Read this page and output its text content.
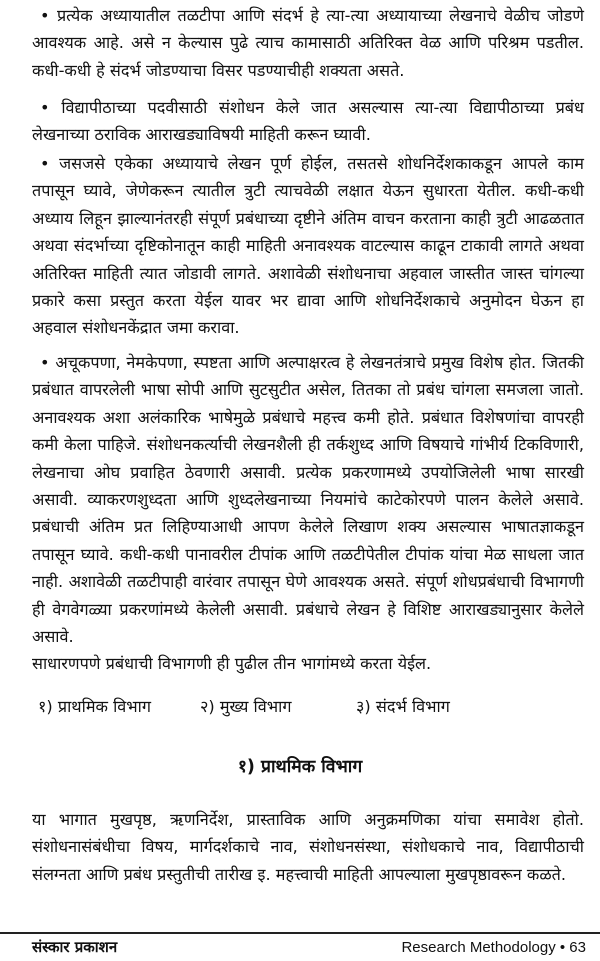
• प्रत्येक अध्यायातील तळटीपा आणि संदर्भ हे त्या-त्या अध्यायाच्या लेखनाचे वेळीच जोडणे आवश्यक आहे. असे न केल्यास पुढे त्याच कामासाठी अतिरिक्त वेळ आणि परिश्रम पडतील. कधी-कधी हे संदर्भ जोडण्याचा विसर पडण्याचीही शक्यता असते.
• विद्यापीठाच्या पदवीसाठी संशोधन केले जात असल्यास त्या-त्या विद्यापीठाच्या प्रबंध लेखनाच्या ठराविक आराखड्याविषयी माहिती करून घ्यावी.
• जसजसे एकेका अध्यायाचे लेखन पूर्ण होईल, तसतसे शोधनिर्देशकाकडून आपले काम तपासून घ्यावे, जेणेकरून त्यातील त्रुटी त्याचवेळी लक्षात येऊन सुधारता येतील. कधी-कधी अध्याय लिहून झाल्यानंतरही संपूर्ण प्रबंधाच्या दृष्टीने अंतिम वाचन करताना काही त्रुटी आढळतात अथवा संदर्भाच्या दृष्टिकोनातून काही माहिती अनावश्यक वाटल्यास काढून टाकावी लागते अथवा अतिरिक्त माहिती त्यात जोडावी लागते. अशावेळी संशोधनाचा अहवाल जास्तीत जास्त चांगल्या प्रकारे कसा प्रस्तुत करता येईल यावर भर द्यावा आणि शोधनिर्देशकाचे अनुमोदन घेऊन हा अहवाल संशोधनकेंद्रात जमा करावा.
• अचूकपणा, नेमकेपणा, स्पष्टता आणि अल्पाक्षरत्व हे लेखनतंत्राचे प्रमुख विशेष होत. जितकी प्रबंधात वापरलेली भाषा सोपी आणि सुटसुटीत असेल, तितका तो प्रबंध चांगला समजला जातो. अनावश्यक अशा अलंकारिक भाषेमुळे प्रबंधाचे महत्त्व कमी होते. प्रबंधात विशेषणांचा वापरही कमी केला पाहिजे. संशोधनकर्त्याची लेखनशैली ही तर्कशुध्द आणि विषयाचे गांभीर्य टिकविणारी, लेखनाचा ओघ प्रवाहित ठेवणारी असावी. प्रत्येक प्रकरणामध्ये उपयोजिलेली भाषा सारखी असावी. व्याकरणशुध्दता आणि शुध्दलेखनाच्या नियमांचे काटेकोरपणे पालन केलेले असावे. प्रबंधाची अंतिम प्रत लिहिण्याआधी आपण केलेले लिखाण शक्य असल्यास भाषातज्ञाकडून तपासून घ्यावे. कधी-कधी पानावरील टीपांक आणि तळटीपेतील टीपांक यांचा मेळ साधला जात नाही. अशावेळी तळटीपाही वारंवार तपासून घेणे आवश्यक असते. संपूर्ण शोधप्रबंधाची विभागणी ही वेगवेगळ्या प्रकरणांमध्ये केलेली असावी. प्रबंधाचे लेखन हे विशिष्ट आराखड्यानुसार केलेले असावे.
साधारणपणे प्रबंधाची विभागणी ही पुढील तीन भागांमध्ये करता येईल.
१) प्राथमिक विभाग	२) मुख्य विभाग	३) संदर्भ विभाग
१) प्राथमिक विभाग
या भागात मुखपृष्ठ, ऋणनिर्देश, प्रास्ताविक आणि अनुक्रमणिका यांचा समावेश होतो. संशोधनासंबंधीचा विषय, मार्गदर्शकाचे नाव, संशोधनसंस्था, संशोधकाचे नाव, विद्यापीठाची संलग्नता आणि प्रबंध प्रस्तुतीची तारीख इ. महत्त्वाची माहिती आपल्याला मुखपृष्ठावरून कळते.
संस्कार प्रकाशन	Research Methodology • 63
